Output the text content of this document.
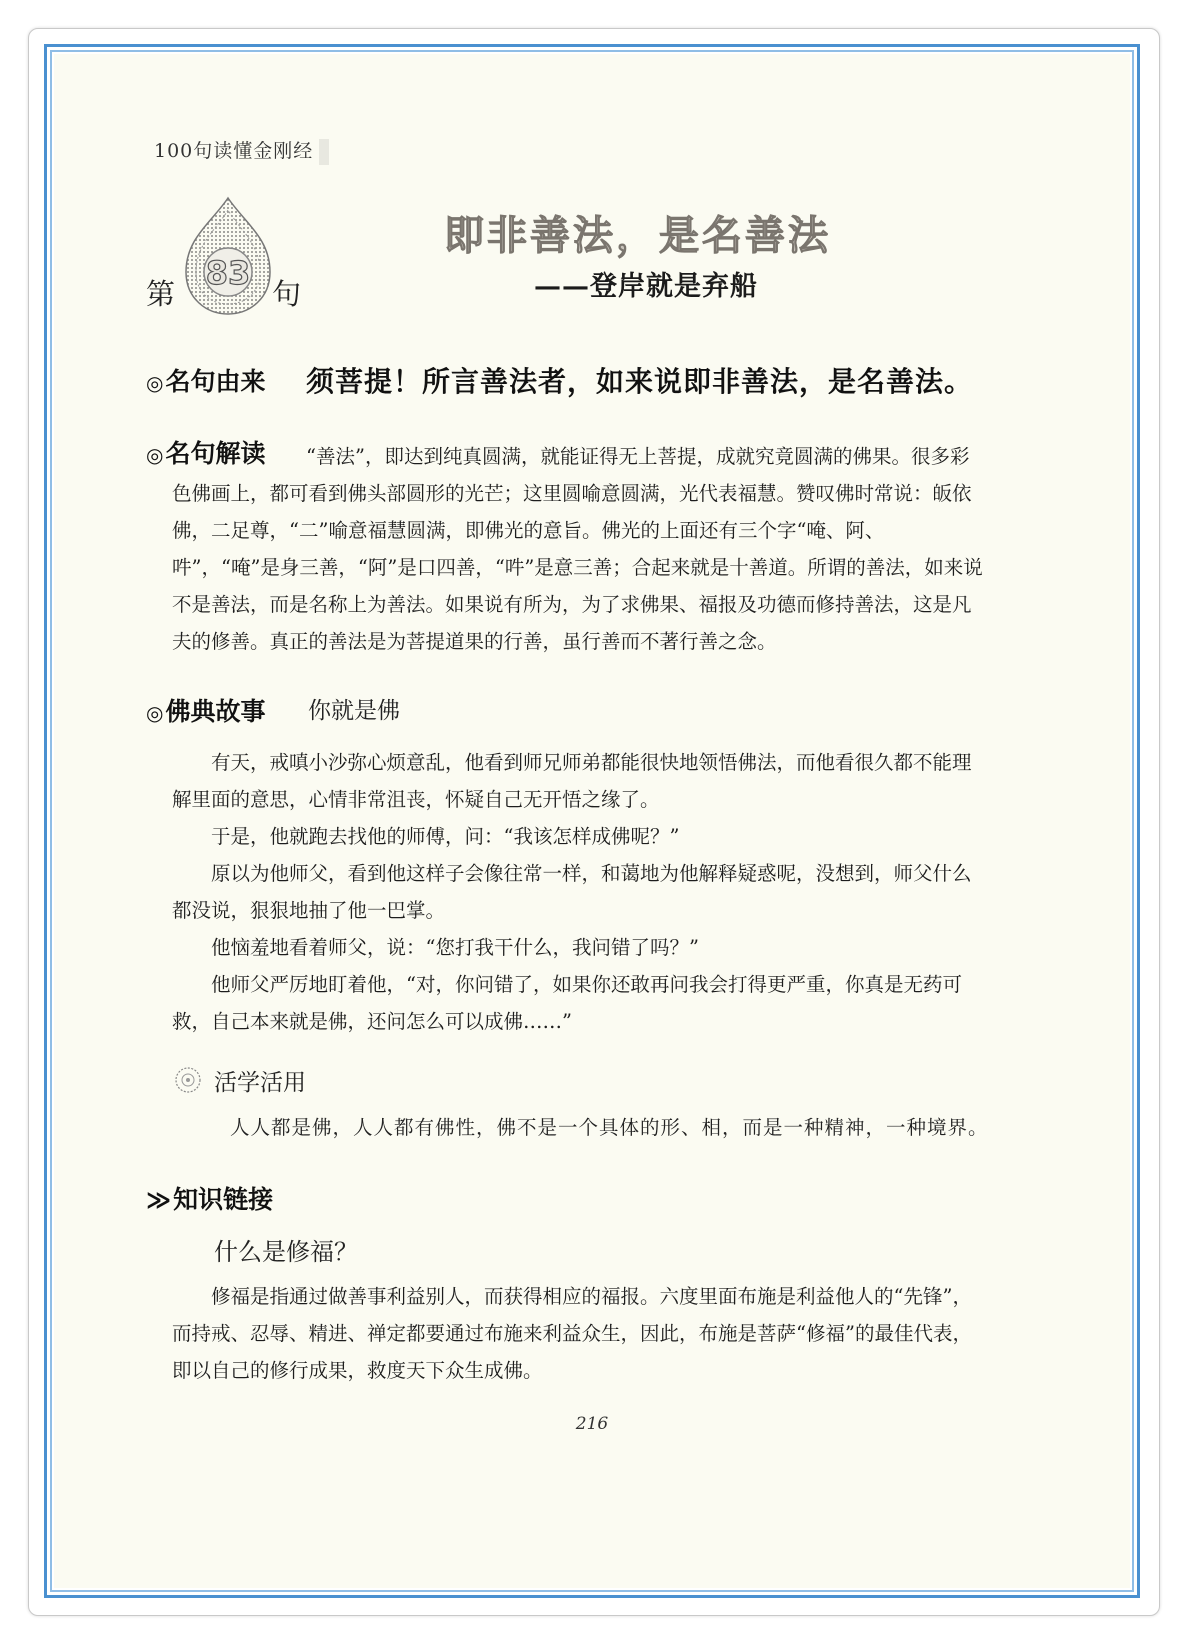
100句读懂金刚经
83
第	句
即非善法，是名善法
——登岸就是弃船
◎名句由来 须菩提！所言善法者，如来说即非善法，是名善法。
◎名句解读	“善法”，即达到纯真圆满，就能证得无上菩提，成就究竟圆满的佛果。很多彩色佛画上，都可看到佛头部圆形的光芒；这里圆喻意圆满，光代表福慧。赞叹佛时常说：皈依佛，二足尊，“二”喻意福慧圆满，即佛光的意旨。佛光的上面还有三个字“唵、阿、吽”，“唵”是身三善，“阿”是口四善，“吽”是意三善；合起来就是十善道。所谓的善法，如来说不是善法，而是名称上为善法。如果说有所为，为了求佛果、福报及功德而修持善法，这是凡夫的修善。真正的善法是为菩提道果的行善，虽行善而不著行善之念。

◎佛典故事 你就是佛

有天，戒嗔小沙弥心烦意乱，他看到师兄师弟都能很快地领悟佛法，而他看很久都不能理解里面的意思，心情非常沮丧，怀疑自己无开悟之缘了。

于是，他就跑去找他的师傅，问：“我该怎样成佛呢？”

原以为他师父，看到他这样子会像往常一样，和蔼地为他解释疑惑呢，没想到，师父什么都没说，狠狠地抽了他一巴掌。

他恼羞地看着师父，说：“您打我干什么，我问错了吗？”

他师父严厉地盯着他，“对，你问错了，如果你还敢再问我会打得更严重，你真是无药可救，自己本来就是佛，还问怎么可以成佛……”

活学活用
人人都是佛，人人都有佛性，佛不是一个具体的形、相，而是一种精神，一种境界。
≫知识链接
什么是修福？

修福是指通过做善事利益别人，而获得相应的福报。六度里面布施是利益他人的“先锋”，而持戒、忍辱、精进、禅定都要通过布施来利益众生，因此，布施是菩萨“修福”的最佳代表，即以自己的修行成果，救度天下众生成佛。

216
